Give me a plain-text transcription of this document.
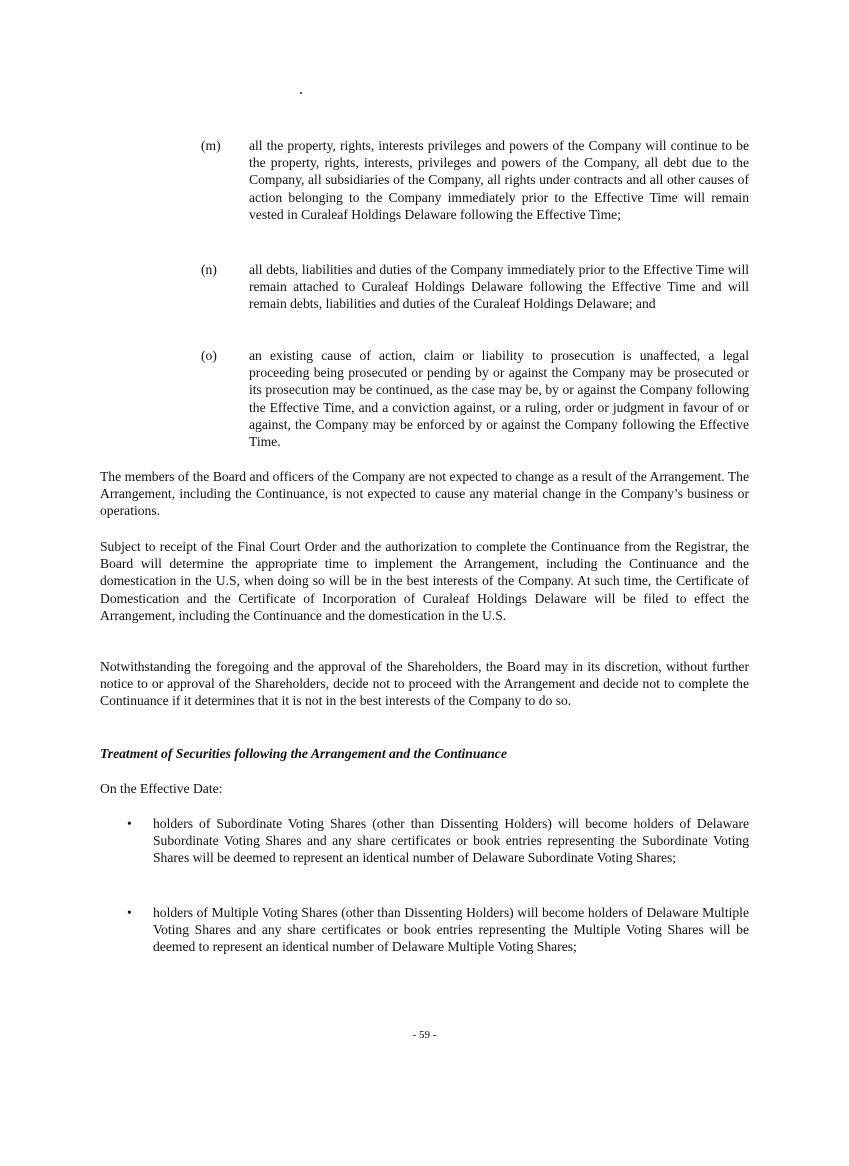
(m) all the property, rights, interests privileges and powers of the Company will continue to be the property, rights, interests, privileges and powers of the Company, all debt due to the Company, all subsidiaries of the Company, all rights under contracts and all other causes of action belonging to the Company immediately prior to the Effective Time will remain vested in Curaleaf Holdings Delaware following the Effective Time;
(n) all debts, liabilities and duties of the Company immediately prior to the Effective Time will remain attached to Curaleaf Holdings Delaware following the Effective Time and will remain debts, liabilities and duties of the Curaleaf Holdings Delaware; and
(o) an existing cause of action, claim or liability to prosecution is unaffected, a legal proceeding being prosecuted or pending by or against the Company may be prosecuted or its prosecution may be continued, as the case may be, by or against the Company following the Effective Time, and a conviction against, or a ruling, order or judgment in favour of or against, the Company may be enforced by or against the Company following the Effective Time.
The members of the Board and officers of the Company are not expected to change as a result of the Arrangement. The Arrangement, including the Continuance, is not expected to cause any material change in the Company’s business or operations.
Subject to receipt of the Final Court Order and the authorization to complete the Continuance from the Registrar, the Board will determine the appropriate time to implement the Arrangement, including the Continuance and the domestication in the U.S, when doing so will be in the best interests of the Company. At such time, the Certificate of Domestication and the Certificate of Incorporation of Curaleaf Holdings Delaware will be filed to effect the Arrangement, including the Continuance and the domestication in the U.S.
Notwithstanding the foregoing and the approval of the Shareholders, the Board may in its discretion, without further notice to or approval of the Shareholders, decide not to proceed with the Arrangement and decide not to complete the Continuance if it determines that it is not in the best interests of the Company to do so.
Treatment of Securities following the Arrangement and the Continuance
On the Effective Date:
• holders of Subordinate Voting Shares (other than Dissenting Holders) will become holders of Delaware Subordinate Voting Shares and any share certificates or book entries representing the Subordinate Voting Shares will be deemed to represent an identical number of Delaware Subordinate Voting Shares;
• holders of Multiple Voting Shares (other than Dissenting Holders) will become holders of Delaware Multiple Voting Shares and any share certificates or book entries representing the Multiple Voting Shares will be deemed to represent an identical number of Delaware Multiple Voting Shares;
- 59 -
